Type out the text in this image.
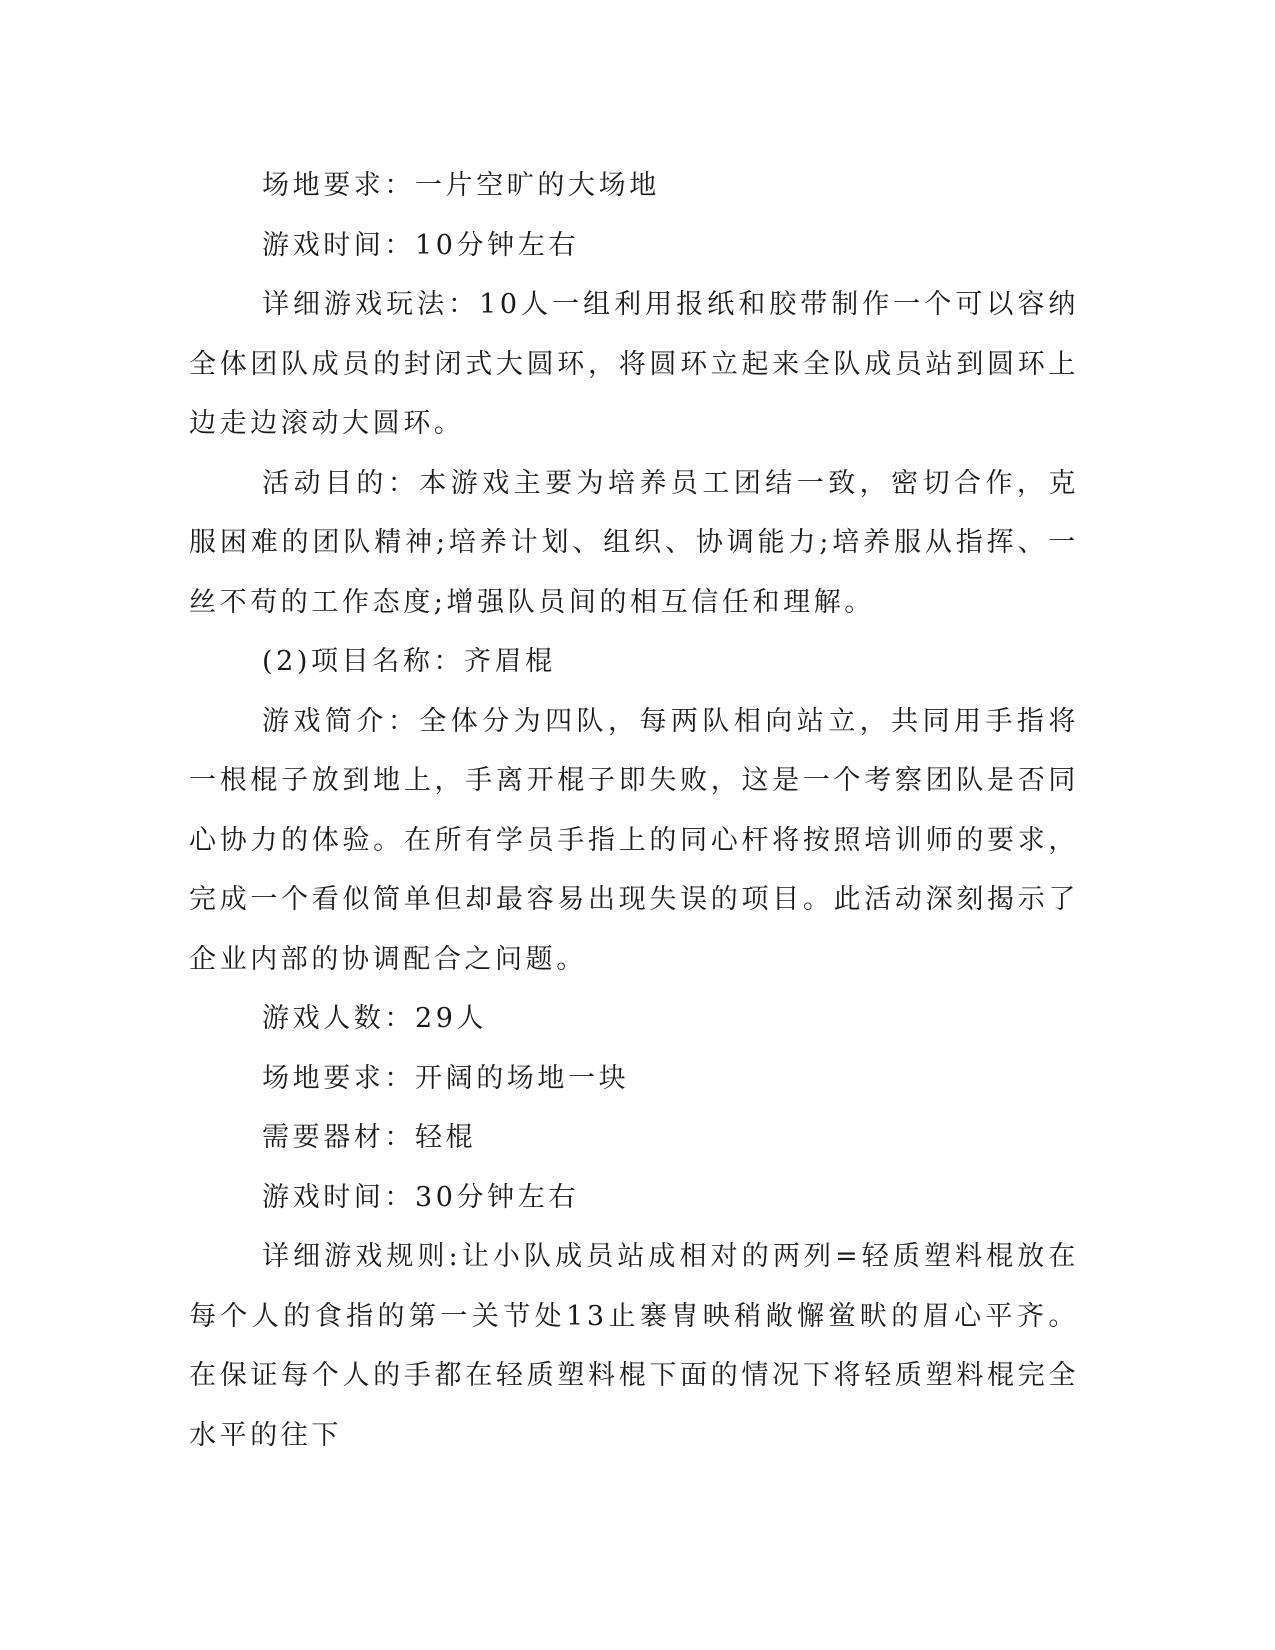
场地要求：一片空旷的大场地

游戏时间：10分钟左右

详细游戏玩法：10人一组利用报纸和胶带制作一个可以容纳全体团队成员的封闭式大圆环，将圆环立起来全队成员站到圆环上边走边滚动大圆环。

活动目的：本游戏主要为培养员工团结一致，密切合作，克服困难的团队精神;培养计划、组织、协调能力;培养服从指挥、一丝不苟的工作态度;增强队员间的相互信任和理解。

(2)项目名称：齐眉棍

游戏简介：全体分为四队，每两队相向站立，共同用手指将一根棍子放到地上，手离开棍子即失败，这是一个考察团队是否同心协力的体验。在所有学员手指上的同心杆将按照培训师的要求，完成一个看似简单但却最容易出现失误的项目。此活动深刻揭示了企业内部的协调配合之问题。

游戏人数：29人

场地要求：开阔的场地一块

需要器材：轻棍

游戏时间：30分钟左右

详细游戏规则:让小队成员站成相对的两列=轻质塑料棍放在每个人的食指的第一关节处13止褰冑映稍敞懈鲎畎的眉心平齐。在保证每个人的手都在轻质塑料棍下面的情况下将轻质塑料棍完全水平的往下
